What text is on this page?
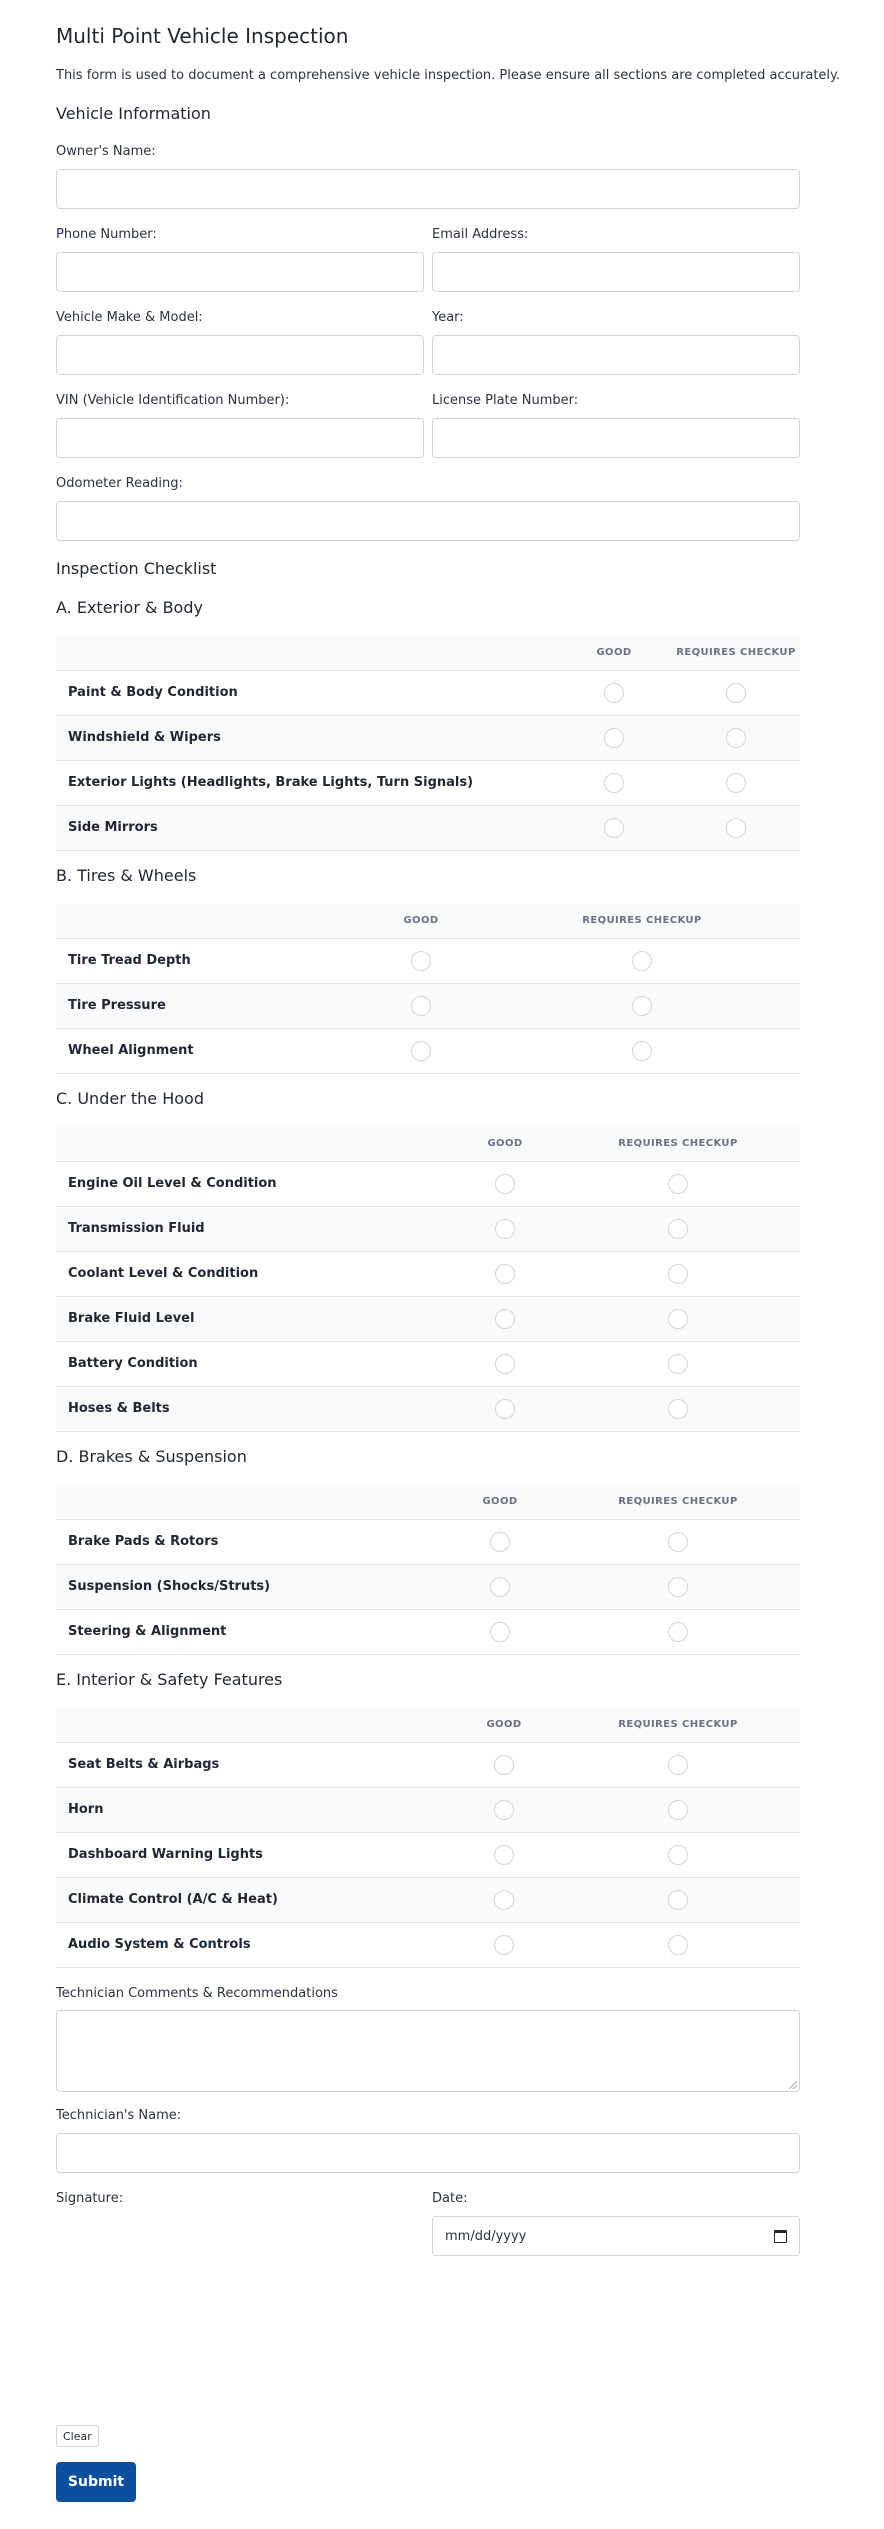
Multi Point Vehicle Inspection

This form is used to document a comprehensive vehicle inspection. Please ensure all sections are completed accurately.

Vehicle Information
Owner's Name:
Phone Number:	Email Address:
Vehicle Make & Model:	Year:
VIN (Vehicle Identification Number):	License Plate Number:
Odometer Reading:
Inspection Checklist
A. Exterior & Body
	GOOD	REQUIRES CHECKUP
Paint & Body Condition		
Windshield & Wipers		
Exterior Lights (Headlights, Brake Lights, Turn Signals)		
Side Mirrors		
B. Tires & Wheels
	GOOD	REQUIRES CHECKUP
Tire Tread Depth		
Tire Pressure		
Wheel Alignment		
C. Under the Hood
	GOOD	REQUIRES CHECKUP
Engine Oil Level & Condition		
Transmission Fluid		
Coolant Level & Condition		
Brake Fluid Level		
Battery Condition		
Hoses & Belts		
D. Brakes & Suspension
	GOOD	REQUIRES CHECKUP
Brake Pads & Rotors		
Suspension (Shocks/Struts)		
Steering & Alignment		
E. Interior & Safety Features
	GOOD	REQUIRES CHECKUP
Seat Belts & Airbags		
Horn		
Dashboard Warning Lights		
Climate Control (A/C & Heat)		
Audio System & Controls		
Technician Comments & Recommendations
Technician's Name:
Signature:	Date:
mm/dd/yyyy
Clear
Submit
